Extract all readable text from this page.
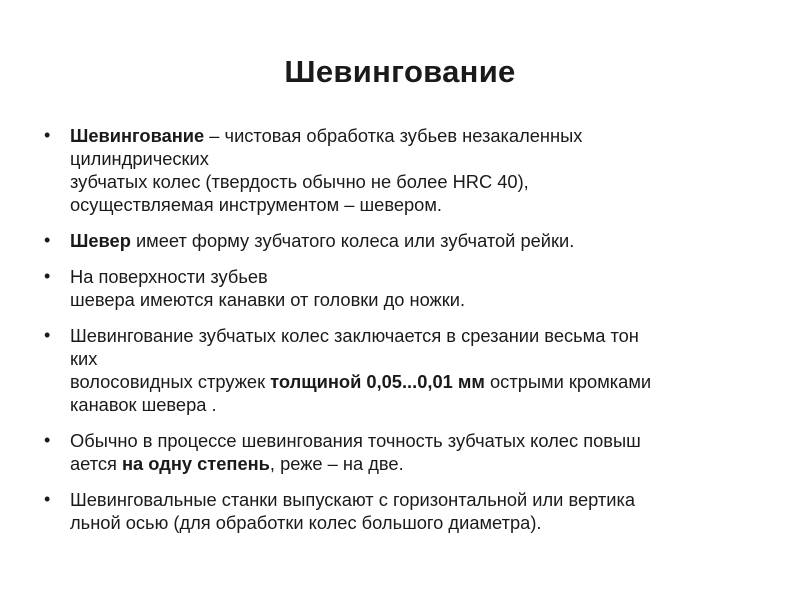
Шевингование
• Шевингование – чистовая обработка зубьев незакаленных
цилиндрических
зубчатых колес (твердость обычно не более HRC 40),
осуществляемая инструментом – шевером.
• Шевер имеет форму зубчатого колеса или зубчатой рейки.
• На поверхности зубьев
шевера имеются канавки от головки до ножки.
• Шевингование зубчатых колес заключается в срезании весьма тон
ких
волосовидных стружек толщиной 0,05...0,01 мм острыми кромками
канавок шевера .
• Обычно в процессе шевингования точность зубчатых колес повыш
ается на одну степень, реже – на две.
• Шевинговальные станки выпускают с горизонтальной или вертика
льной осью (для обработки колес большого диаметра).
